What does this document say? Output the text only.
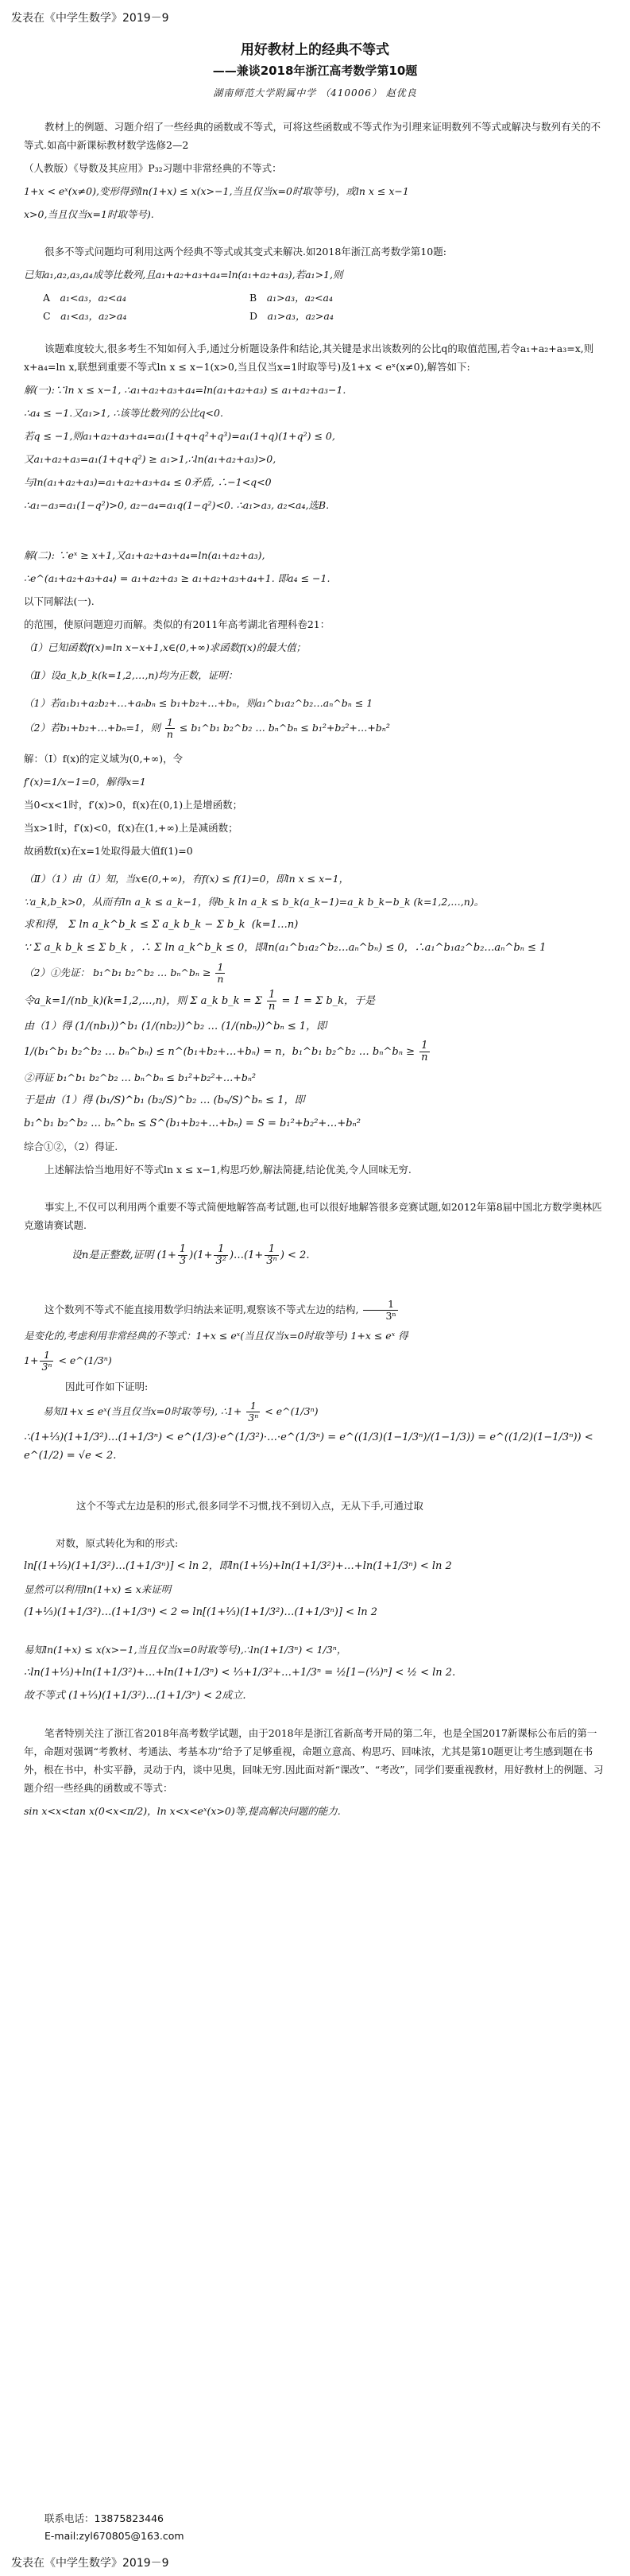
发表在《中学生数学》2019－9
用好教材上的经典不等式
——兼谈2018年浙江高考数学第10题
湖南师范大学附属中学 （410006） 赵优良

教材上的例题、习题介绍了一些经典的函数或不等式，可将这些函数或不等式作为引理来证明数列不等式或解决与数列有关的不等式.如高中新课标教材数学选修2—2

（人教版）《导数及其应用》P₃₂习题中非常经典的不等式：

1+x < eˣ(x≠0),变形得到ln(1+x) ≤ x(x>−1,当且仅当x=0时取等号)，或ln x ≤ x−1

x>0,当且仅当x=1时取等号).

很多不等式问题均可利用这两个经典不等式或其变式来解决.如2018年浙江高考数学第10题:

已知a₁,a₂,a₃,a₄成等比数列,且a₁+a₂+a₃+a₄=ln(a₁+a₂+a₃),若a₁>1,则

A　 a₁<a₃，a₂<a₄	B　 a₁>a₃，a₂<a₄
C　 a₁<a₃，a₂>a₄	D　 a₁>a₃，a₂>a₄

该题难度较大,很多考生不知如何入手,通过分析题设条件和结论,其关键是求出该数列的公比q的取值范围,若令a₁+a₂+a₃=x,则x+a₄=ln x,联想到重要不等式ln x ≤ x−1(x>0,当且仅当x=1时取等号)及1+x < eˣ(x≠0),解答如下:

解(一):∵ln x ≤ x−1, ∴a₁+a₂+a₃+a₄=ln(a₁+a₂+a₃) ≤ a₁+a₂+a₃−1.

∴a₄ ≤ −1.又a₁>1, ∴该等比数列的公比q<0.

若q ≤ −1,则a₁+a₂+a₃+a₄=a₁(1+q+q²+q³)=a₁(1+q)(1+q²) ≤ 0,

又a₁+a₂+a₃=a₁(1+q+q²) ≥ a₁>1,∴ln(a₁+a₂+a₃)>0,

与ln(a₁+a₂+a₃)=a₁+a₂+a₃+a₄ ≤ 0矛盾, ∴−1<q<0

∴a₁−a₃=a₁(1−q²)>0, a₂−a₄=a₁q(1−q²)<0. ∴a₁>a₃, a₂<a₄,选B.

解(二): ∵eˣ ≥ x+1,又a₁+a₂+a₃+a₄=ln(a₁+a₂+a₃),

∴e^(a₁+a₂+a₃+a₄) = a₁+a₂+a₃ ≥ a₁+a₂+a₃+a₄+1. 即a₄ ≤ −1.

以下同解法(一).

的范围，使原问题迎刃而解。类似的有2011年高考湖北省理科卷21：

（Ⅰ）已知函数f(x)=ln x−x+1,x∈(0,+∞)求函数f(x)的最大值；

（Ⅱ）设a_k,b_k(k=1,2,…,n)均为正数，证明：

（1）若a₁b₁+a₂b₂+…+aₙbₙ ≤ b₁+b₂+…+bₙ，则a₁^b₁a₂^b₂…aₙ^bₙ ≤ 1

（2）若b₁+b₂+…+bₙ=1，则 $\frac{1}{n}$ ≤ b₁^b₁ b₂^b₂ … bₙ^bₙ ≤ b₁²+b₂²+…+bₙ²

解：（Ⅰ）f(x)的定义域为(0,+∞)，令

f′(x)=1/x−1=0，解得x=1

当0<x<1时，f′(x)>0，f(x)在(0,1)上是增函数；

当x>1时，f′(x)<0，f(x)在(1,+∞)上是减函数；

故函数f(x)在x=1处取得最大值f(1)=0

（Ⅱ）（1）由（Ⅰ）知，当x∈(0,+∞)，有f(x) ≤ f(1)=0，即ln x ≤ x−1，

∵a_k,b_k>0，从而有ln a_k ≤ a_k−1，得b_k ln a_k ≤ b_k(a_k−1)=a_k b_k−b_k (k=1,2,…,n)。

求和得， Σ ln a_k^b_k ≤ Σ a_k b_k − Σ b_k  (k=1…n)

∵ Σ a_k b_k ≤ Σ b_k ，∴ Σ ln a_k^b_k ≤ 0，即ln(a₁^b₁a₂^b₂…aₙ^bₙ) ≤ 0，∴a₁^b₁a₂^b₂…aₙ^bₙ ≤ 1

（2）①先证： b₁^b₁ b₂^b₂ … bₙ^bₙ ≥ $\frac{1}{n}$

令a_k=1/(nb_k)(k=1,2,…,n)，则 Σ a_k b_k = Σ $\frac{1}{n} = 1 = \Sigma$ b_k，于是

由（1）得 (1/(nb₁))^b₁ (1/(nb₂))^b₂ … (1/(nbₙ))^bₙ ≤ 1，即

1/(b₁^b₁ b₂^b₂ … bₙ^bₙ) ≤ n^(b₁+b₂+…+bₙ) = n，b₁^b₁ b₂^b₂ … bₙ^bₙ ≥ $\frac{1}{n}$

②再证 b₁^b₁ b₂^b₂ … bₙ^bₙ ≤ b₁²+b₂²+…+bₙ²

于是由（1）得 (b₁/S)^b₁ (b₂/S)^b₂ … (bₙ/S)^bₙ ≤ 1，即

b₁^b₁ b₂^b₂ … bₙ^bₙ ≤ S^(b₁+b₂+…+bₙ) = S = b₁²+b₂²+…+bₙ²

综合①②，（2）得证.

上述解法恰当地用好不等式ln x ≤ x−1,构思巧妙,解法简捷,结论优美,令人回味无穷.

事实上,不仅可以利用两个重要不等式简便地解答高考试题,也可以很好地解答很多竞赛试题,如2012年第8届中国北方数学奥林匹克邀请赛试题.

设n是正整数,证明 $(1+ \frac{1}{3} )(1+ \frac{1}{\text{3²}}$ )…(1+ $\frac{1}{\text{3ⁿ}}$ ) < 2.

这个数列不等式不能直接用数学归纳法来证明,观察该不等式左边的结构, $\frac{1}{\text{3ⁿ}}$

是变化的,考虑利用非常经典的不等式：1+x ≤ eˣ(当且仅当x=0时取等号) 1+x ≤ eˣ 得

$1+ \frac{1}{\text{3ⁿ}}$ < e^(1/3ⁿ)

因此可作如下证明:

易知1+x ≤ eˣ(当且仅当x=0时取等号), ∴1+ $\frac{1}{\text{3ⁿ}}$ < e^(1/3ⁿ)

∴(1+⅓)(1+1/3²)…(1+1/3ⁿ) < e^(1/3)·e^(1/3²)·…·e^(1/3ⁿ) = e^((1/3)(1−1/3ⁿ)/(1−1/3)) = e^((1/2)(1−1/3ⁿ)) < e^(1/2) = √e < 2.

这个不等式左边是积的形式,很多同学不习惯,找不到切入点，无从下手,可通过取

对数，原式转化为和的形式:

ln[(1+⅓)(1+1/3²)…(1+1/3ⁿ)] < ln 2，即ln(1+⅓)+ln(1+1/3²)+…+ln(1+1/3ⁿ) < ln 2

显然可以利用ln(1+x) ≤ x来证明

(1+⅓)(1+1/3²)…(1+1/3ⁿ) < 2 ⇔ ln[(1+⅓)(1+1/3²)…(1+1/3ⁿ)] < ln 2

易知ln(1+x) ≤ x(x>−1,当且仅当x=0时取等号),∴ln(1+1/3ⁿ) < 1/3ⁿ，

∴ln(1+⅓)+ln(1+1/3²)+…+ln(1+1/3ⁿ) < ⅓+1/3²+…+1/3ⁿ = ½[1−(⅓)ⁿ] < ½ < ln 2.

故不等式 (1+⅓)(1+1/3²)…(1+1/3ⁿ) < 2成立.

笔者特别关注了浙江省2018年高考数学试题，由于2018年是浙江省新高考开局的第二年，也是全国2017新课标公布后的第一年，命题对强调“考教材、考通法、考基本功”给予了足够重视，命题立意高、构思巧、回味浓，尤其是第10题更让考生感到题在书外，根在书中，朴实平静，灵动于内，谈中见奥，回味无穷.因此面对新“课改”、“考改”，同学们要重视教材，用好教材上的例题、习题介绍一些经典的函数或不等式：

sin x<x<tan x(0<x<π/2)，ln x<x<eˣ(x>0)等,提高解决问题的能力.

联系电话：13875823446
E-mail:zyl670805@163.com
发表在《中学生数学》2019－9
